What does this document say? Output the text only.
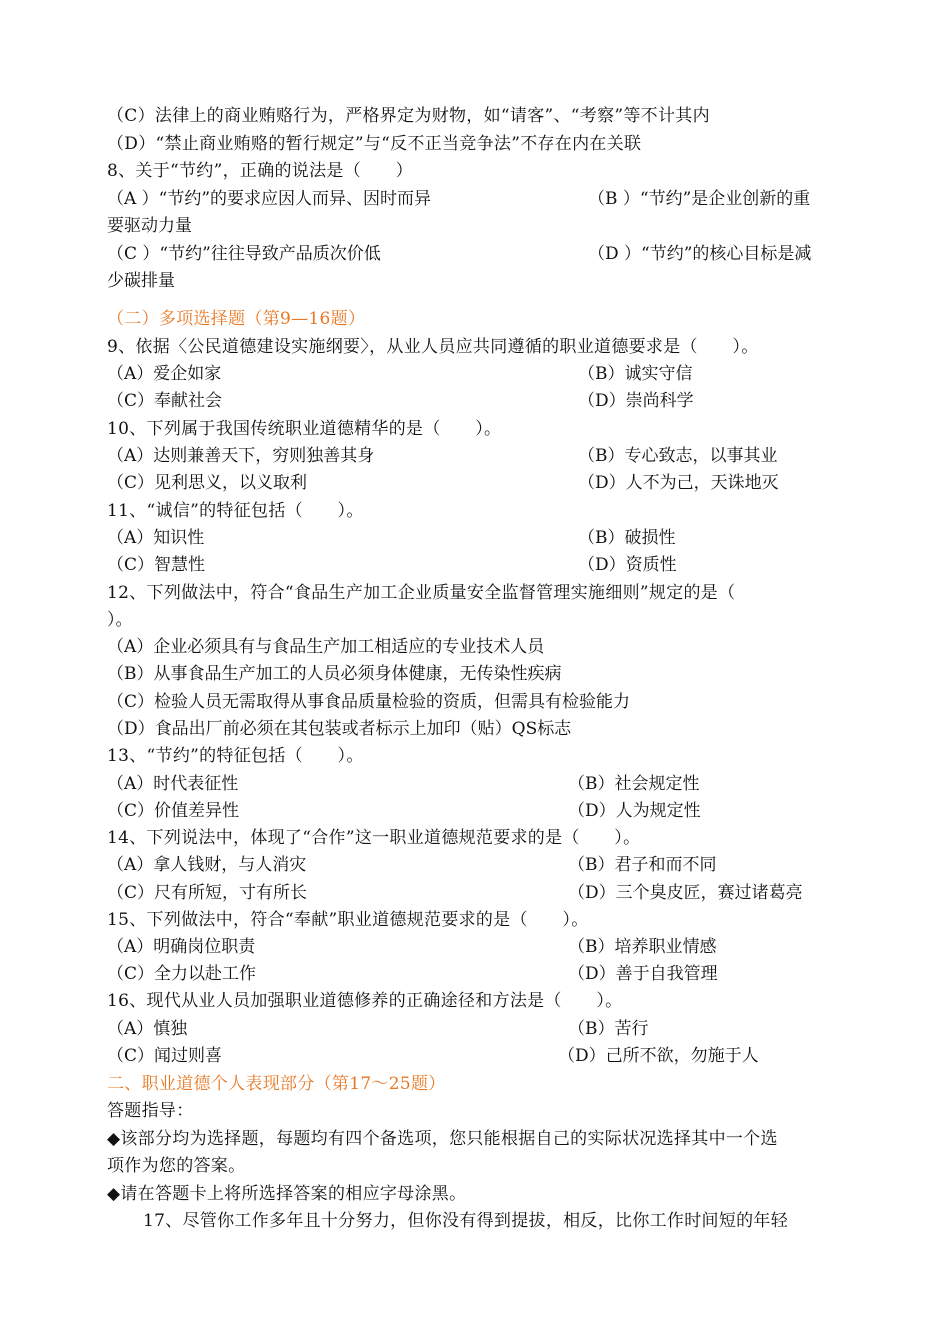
（C）法律上的商业贿赂行为，严格界定为财物，如“请客”、“考察”等不计其内
（D）“禁止商业贿赂的暂行规定”与“反不正当竞争法”不存在内在关联
8、关于“节约”，正确的说法是（　　）
（A ）“节约”的要求应因人而异、因时而异	（B ）“节约”是企业创新的重
要驱动力量
（C ）“节约”往往导致产品质次价低	（D ）“节约”的核心目标是减
少碳排量
（二）多项选择题（第9—16题）
9、依据〈公民道德建设实施纲要〉，从业人员应共同遵循的职业道德要求是（　　）。
（A）爱企如家	（B）诚实守信
（C）奉献社会	（D）崇尚科学
10、下列属于我国传统职业道德精华的是（　　）。
（A）达则兼善天下，穷则独善其身	（B）专心致志，以事其业
（C）见利思义，以义取利	（D）人不为己，天诛地灭
11、“诚信”的特征包括（　　）。
（A）知识性	（B）破损性
（C）智慧性	（D）资质性
12、下列做法中，符合“食品生产加工企业质量安全监督管理实施细则”规定的是（
）。
（A）企业必须具有与食品生产加工相适应的专业技术人员
（B）从事食品生产加工的人员必须身体健康，无传染性疾病
（C）检验人员无需取得从事食品质量检验的资质，但需具有检验能力
（D）食品出厂前必须在其包装或者标示上加印（贴）QS标志
13、“节约”的特征包括（　　）。
（A）时代表征性	（B）社会规定性
（C）价值差异性	（D）人为规定性
14、下列说法中，体现了“合作”这一职业道德规范要求的是（　　）。
（A）拿人钱财，与人消灾	（B）君子和而不同
（C）尺有所短，寸有所长	（D）三个臭皮匠，赛过诸葛亮
15、下列做法中，符合“奉献”职业道德规范要求的是（　　）。
（A）明确岗位职责	（B）培养职业情感
（C）全力以赴工作	（D）善于自我管理
16、现代从业人员加强职业道德修养的正确途径和方法是（　　）。
（A）慎独	（B）苦行
（C）闻过则喜	（D）己所不欲，勿施于人
二、职业道德个人表现部分（第17～25题）
答题指导：
◆该部分均为选择题，每题均有四个备选项，您只能根据自己的实际状况选择其中一个选
项作为您的答案。
◆请在答题卡上将所选择答案的相应字母涂黑。
17、尽管你工作多年且十分努力，但你没有得到提拔，相反，比你工作时间短的年轻
